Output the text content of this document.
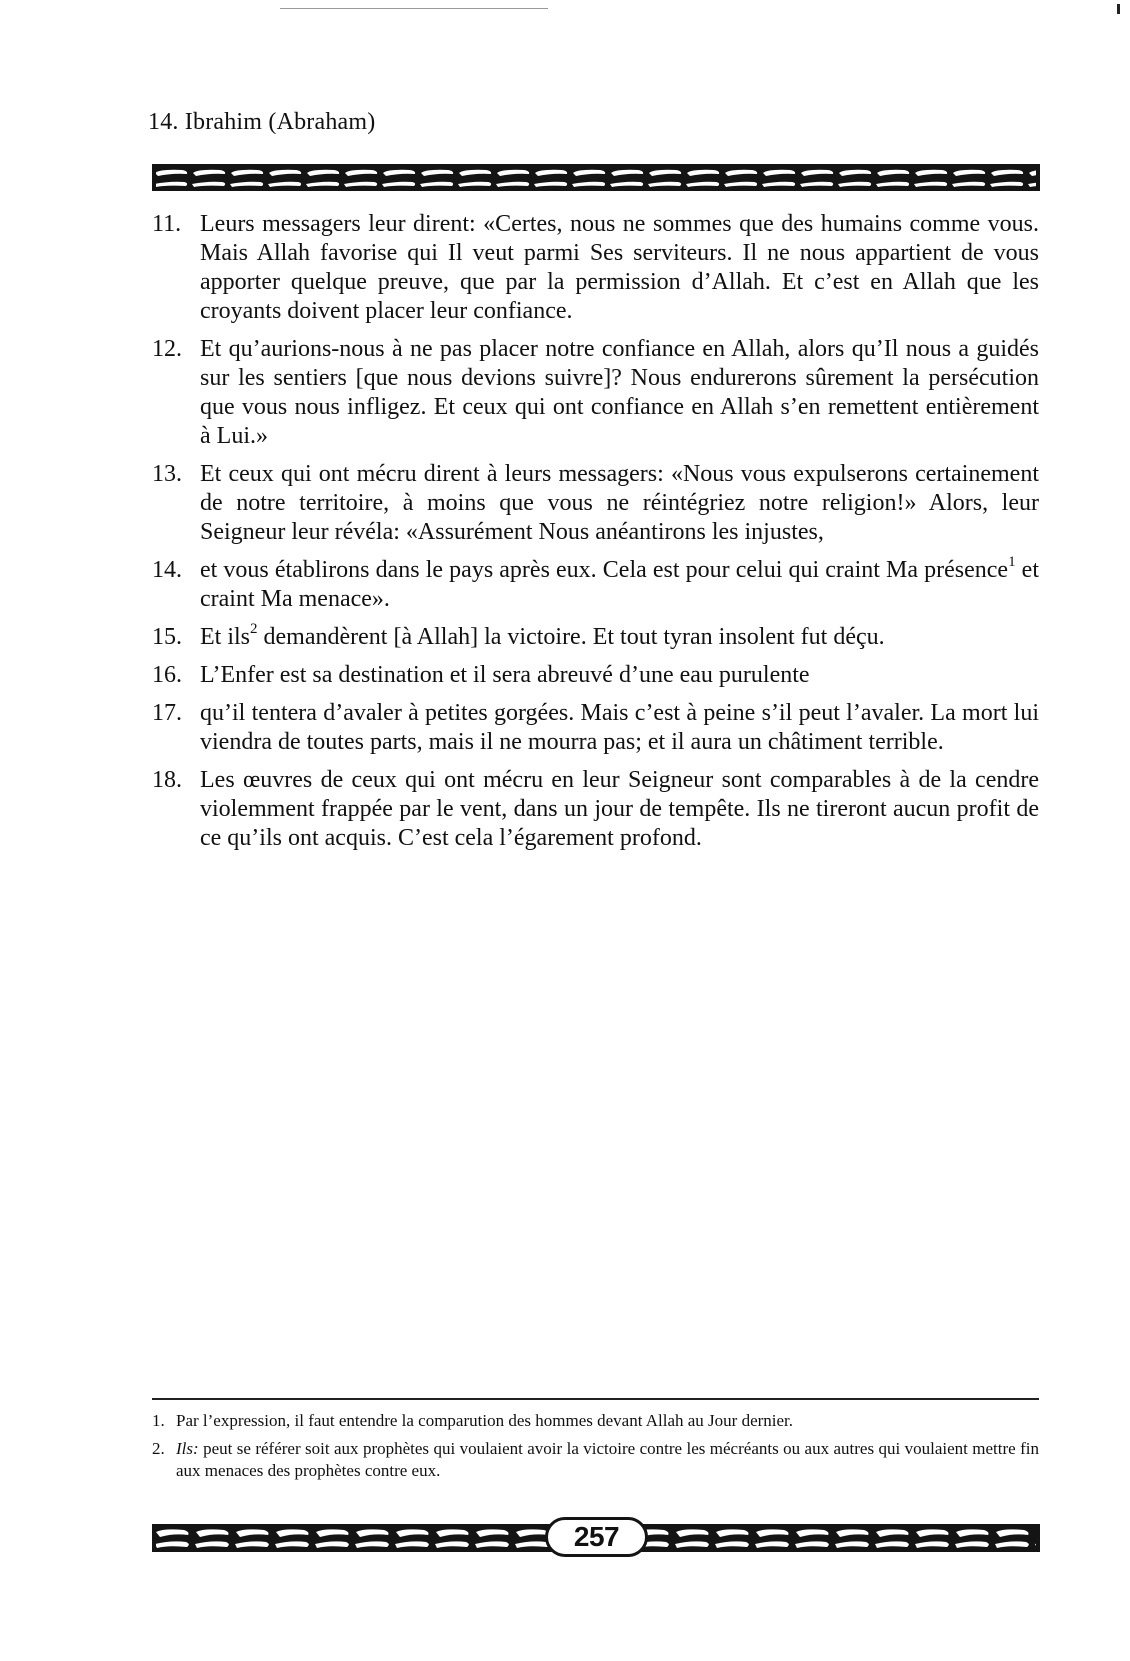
14. Ibrahim (Abraham)
11. Leurs messagers leur dirent: «Certes, nous ne sommes que des humains comme vous. Mais Allah favorise qui Il veut parmi Ses serviteurs. Il ne nous appartient de vous apporter quelque preuve, que par la permission d’Allah. Et c’est en Allah que les croyants doivent placer leur confiance.
12. Et qu’aurions-nous à ne pas placer notre confiance en Allah, alors qu’Il nous a guidés sur les sentiers [que nous devions suivre]? Nous endurerons sûrement la persécution que vous nous infligez. Et ceux qui ont confiance en Allah s’en remettent entièrement à Lui.»
13. Et ceux qui ont mécru dirent à leurs messagers: «Nous vous expulserons certainement de notre territoire, à moins que vous ne réintégriez notre religion!» Alors, leur Seigneur leur révéla: «Assurément Nous anéantirons les injustes,
14. et vous établirons dans le pays après eux. Cela est pour celui qui craint Ma présence$^1$ et craint Ma menace».
15. Et ils$^2$ demandèrent [à Allah] la victoire. Et tout tyran insolent fut déçu.
16. L’Enfer est sa destination et il sera abreuvé d’une eau purulente
17. qu’il tentera d’avaler à petites gorgées. Mais c’est à peine s’il peut l’avaler. La mort lui viendra de toutes parts, mais il ne mourra pas; et il aura un châtiment terrible.
18. Les œuvres de ceux qui ont mécru en leur Seigneur sont comparables à de la cendre violemment frappée par le vent, dans un jour de tempête. Ils ne tireront aucun profit de ce qu’ils ont acquis. C’est cela l’égarement profond.
1. Par l’expression, il faut entendre la comparution des hommes devant Allah au Jour dernier.
2. Ils: peut se référer soit aux prophètes qui voulaient avoir la victoire contre les mécréants ou aux autres qui voulaient mettre fin aux menaces des prophètes contre eux.
257
